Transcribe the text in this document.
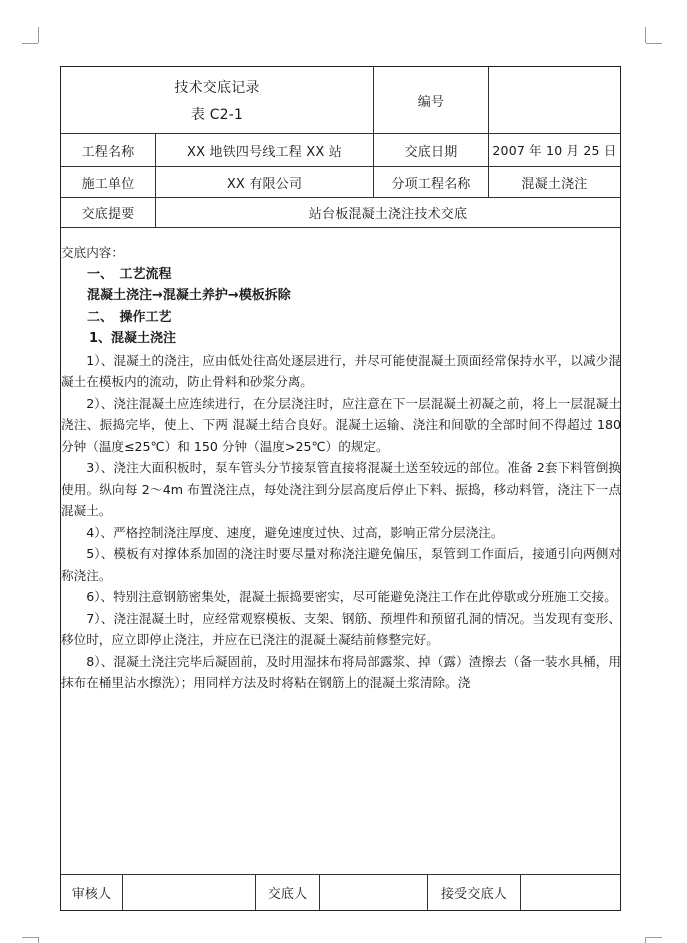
技术交底记录
表 C2-1
编号
工程名称	XX 地铁四号线工程 XX 站	交底日期	2007 年 10 月 25 日
施工单位	XX 有限公司	分项工程名称	混凝土浇注
交底提要	站台板混凝土浇注技术交底
交底内容：
一、　工艺流程
混凝土浇注→混凝土养护→模板拆除
二、　操作工艺
1、混凝土浇注

1）、混凝土的浇注，应由低处往高处逐层进行，并尽可能使混凝土顶面经常保持水平，以减少混凝土在模板内的流动，防止骨料和砂浆分离。

2）、浇注混凝土应连续进行，在分层浇注时，应注意在下一层混凝土初凝之前，将上一层混凝土浇注、振捣完毕，使上、下两 混凝土结合良好。混凝土运输、浇注和间歇的全部时间不得超过 180 分钟（温度≤25℃）和 150 分钟（温度>25℃）的规定。

3）、浇注大面积板时，泵车管头分节接泵管直接将混凝土送至较远的部位。准备 2套下料管倒换使用。纵向每 2～4m 布置浇注点，每处浇注到分层高度后停止下料、振捣，移动料管，浇注下一点混凝土。

4）、严格控制浇注厚度、速度，避免速度过快、过高，影响正常分层浇注。

5）、模板有对撑体系加固的浇注时要尽量对称浇注避免偏压，泵管到工作面后，接通引向两侧对称浇注。

6）、特别注意钢筋密集处，混凝土振捣要密实，尽可能避免浇注工作在此停歇或分班施工交接。

7）、浇注混凝土时，应经常观察模板、支架、钢筋、预埋件和预留孔洞的情况。当发现有变形、移位时，应立即停止浇注，并应在已浇注的混凝土凝结前修整完好。

8）、混凝土浇注完毕后凝固前，及时用湿抹布将局部露浆、掉（露）渣擦去（备一装水具桶，用抹布在桶里沾水擦洗）；用同样方法及时将粘在钢筋上的混凝土浆清除。浇

审核人	交底人	接受交底人
